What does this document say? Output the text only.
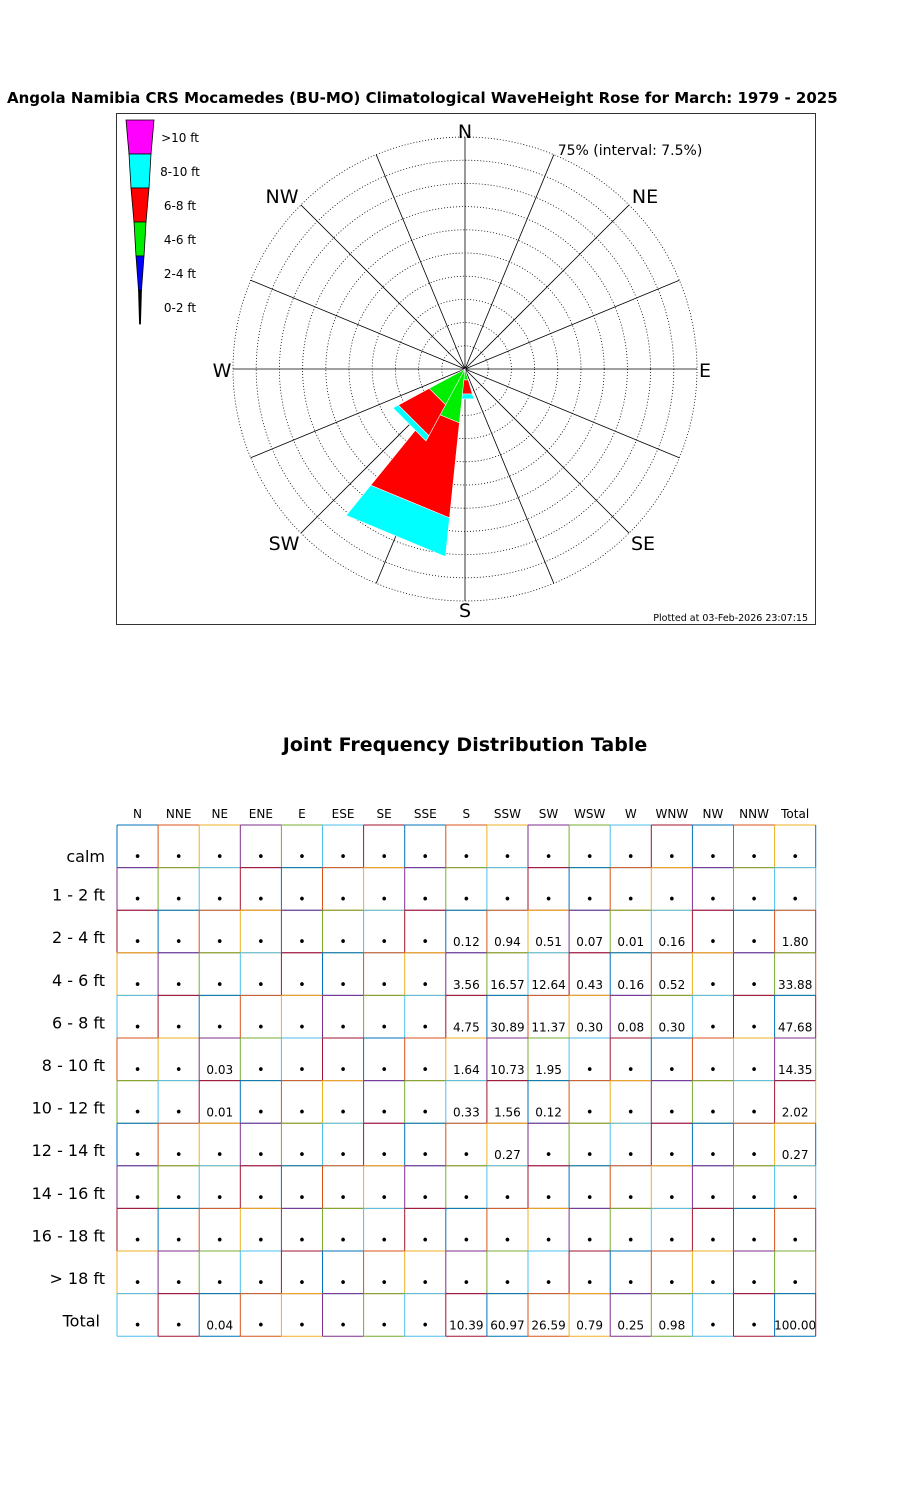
Angola Namibia CRS Mocamedes (BU-MO) Climatological WaveHeight Rose for March: 1979 - 2025
N
NE
E
SE
S
SW
W
NW
75% (interval: 7.5%)
Plotted at 03-Feb-2026 23:07:15
>10 ft
8-10 ft
6-8 ft
4-6 ft
2-4 ft
0-2 ft
Joint Frequency Distribution Table
N NNE NE ENE E ESE SE SSE S SSW SW WSW W WNW NW NNW Total
calm •	•	•	•	•	•	•	•	•	•	•	•	•	•	•	•	•
1 - 2 ft •	•	•	•	•	•	•	•	•	•	•	•	•	•	•	•	•
2 - 4 ft •	•	•	•	•	•	•	• 0.12 0.94 0.51 0.07 0.01 0.16 •	• 1.80
4 - 6 ft •	•	•	•	•	•	•	• 3.56 16.57 12.64 0.43 0.16 0.52 •	• 33.88
6 - 8 ft •	•	•	•	•	•	•	• 4.75 30.89 11.37 0.30 0.08 0.30 •	• 47.68
8 - 10 ft •	• 0.03 •	•	•	•	• 1.64 10.73 1.95 •	•	•	•	• 14.35
10 - 12 ft •	• 0.01 •	•	•	•	• 0.33 1.56 0.12 •	•	•	•	• 2.02
12 - 14 ft •	•	•	•	•	•	•	•	• 0.27 •	•	•	•	•	• 0.27
14 - 16 ft •	•	•	•	•	•	•	•	•	•	•	•	•	•	•	•	•
16 - 18 ft •	•	•	•	•	•	•	•	•	•	•	•	•	•	•	•	•
> 18 ft •	•	•	•	•	•	•	•	•	•	•	•	•	•	•	•	•
Total	•	• 0.04 •	•	•	•	• 10.39 60.97 26.59 0.79 0.25 0.98 •	• 100.00
